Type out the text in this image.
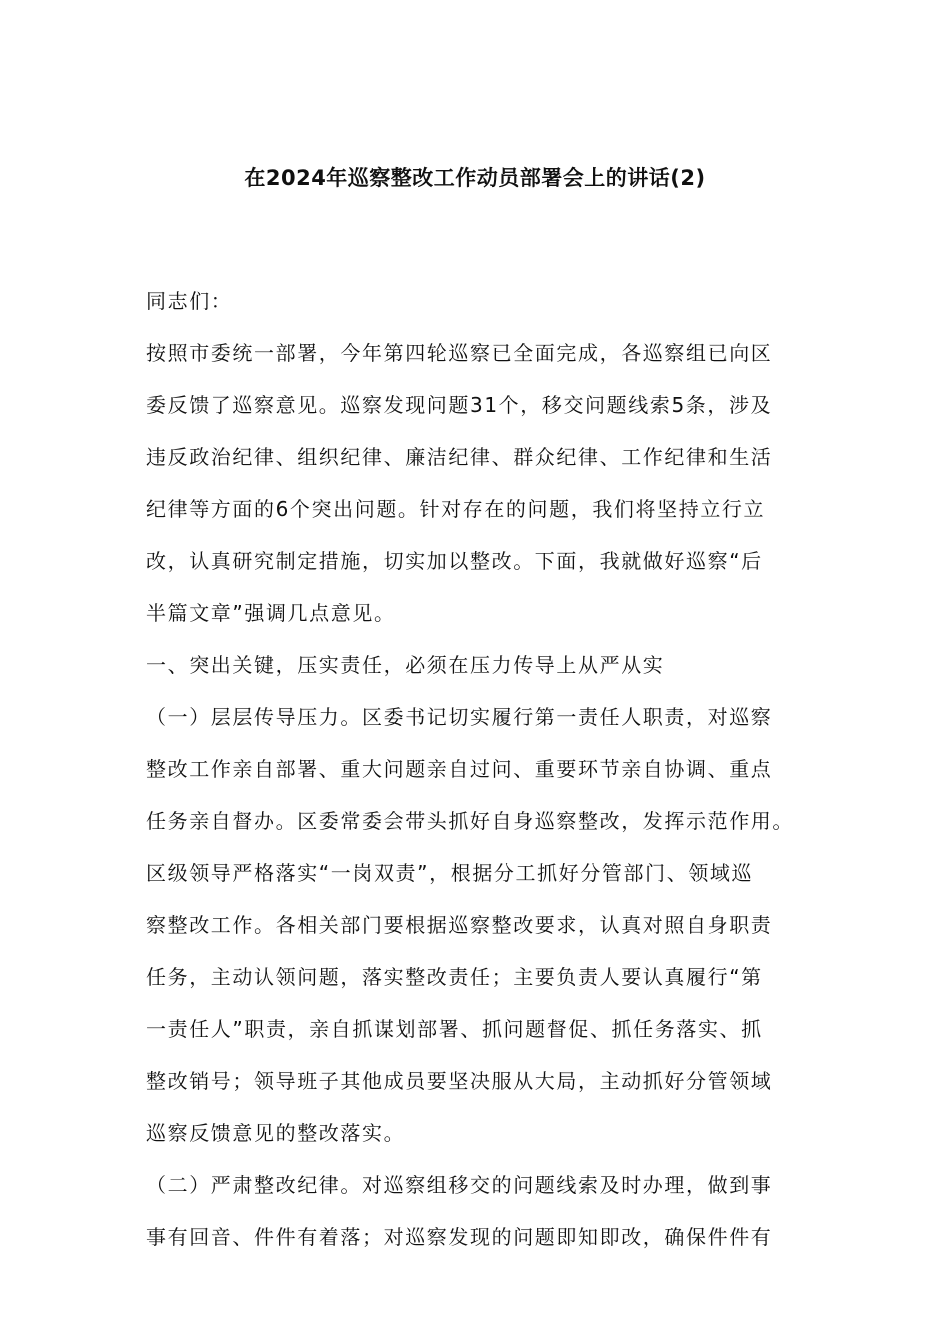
在2024年巡察整改工作动员部署会上的讲话(2)
同志们：
按照市委统一部署，今年第四轮巡察已全面完成，各巡察组已向区
委反馈了巡察意见。巡察发现问题31个，移交问题线索5条，涉及
违反政治纪律、组织纪律、廉洁纪律、群众纪律、工作纪律和生活
纪律等方面的6个突出问题。针对存在的问题，我们将坚持立行立
改，认真研究制定措施，切实加以整改。下面，我就做好巡察“后
半篇文章”强调几点意见。
一、突出关键，压实责任，必须在压力传导上从严从实
（一）层层传导压力。区委书记切实履行第一责任人职责，对巡察
整改工作亲自部署、重大问题亲自过问、重要环节亲自协调、重点
任务亲自督办。区委常委会带头抓好自身巡察整改，发挥示范作用。
区级领导严格落实“一岗双责”，根据分工抓好分管部门、领域巡
察整改工作。各相关部门要根据巡察整改要求，认真对照自身职责
任务，主动认领问题，落实整改责任；主要负责人要认真履行“第
一责任人”职责，亲自抓谋划部署、抓问题督促、抓任务落实、抓
整改销号；领导班子其他成员要坚决服从大局，主动抓好分管领域
巡察反馈意见的整改落实。
（二）严肃整改纪律。对巡察组移交的问题线索及时办理，做到事
事有回音、件件有着落；对巡察发现的问题即知即改，确保件件有
